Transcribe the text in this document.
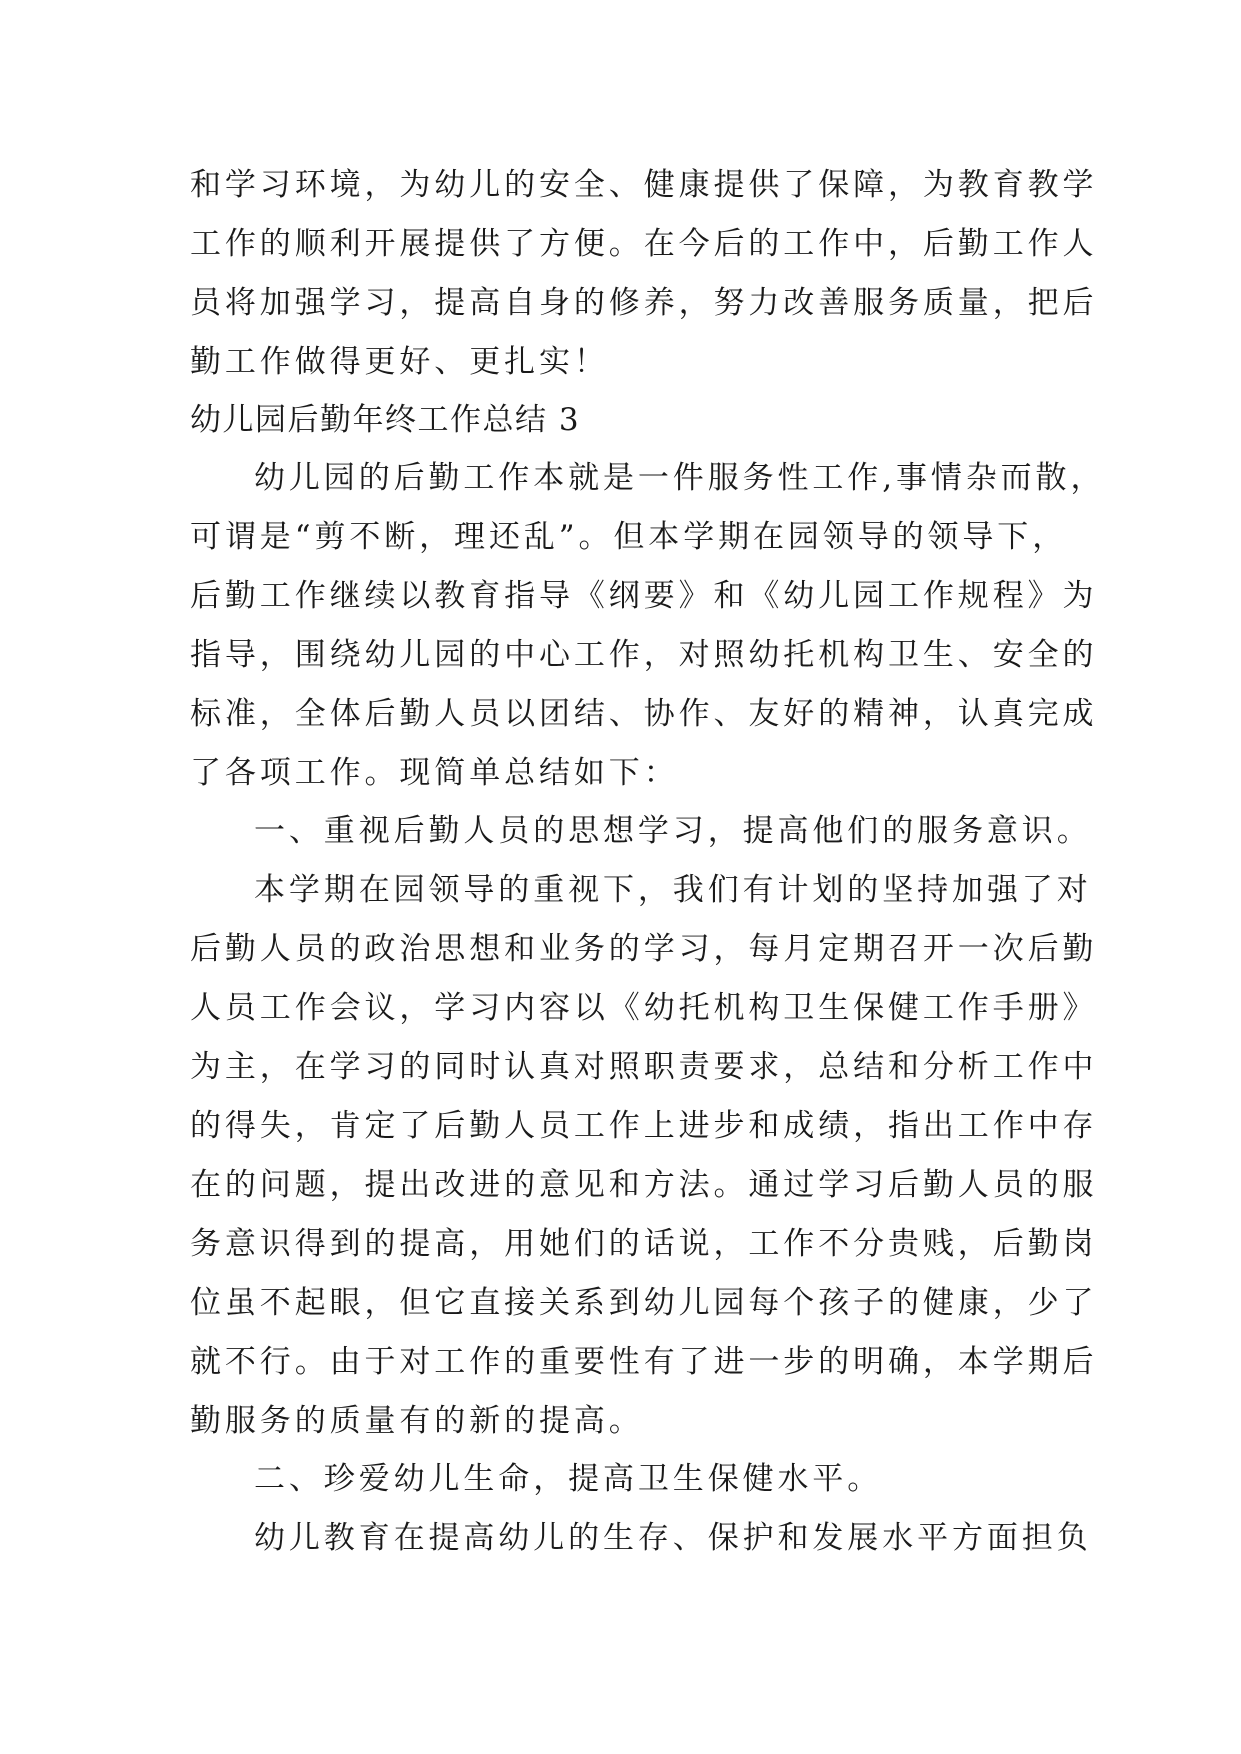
和学习环境，为幼儿的安全、健康提供了保障，为教育教学
工作的顺利开展提供了方便。在今后的工作中，后勤工作人
员将加强学习，提高自身的修养，努力改善服务质量，把后
勤工作做得更好、更扎实！
幼儿园后勤年终工作总结 3
幼儿园的后勤工作本就是一件服务性工作,事情杂而散，
可谓是“剪不断，理还乱”。但本学期在园领导的领导下，
后勤工作继续以教育指导《纲要》和《幼儿园工作规程》为
指导，围绕幼儿园的中心工作，对照幼托机构卫生、安全的
标准，全体后勤人员以团结、协作、友好的精神，认真完成
了各项工作。现简单总结如下：
一、重视后勤人员的思想学习，提高他们的服务意识。
本学期在园领导的重视下，我们有计划的坚持加强了对
后勤人员的政治思想和业务的学习，每月定期召开一次后勤
人员工作会议，学习内容以《幼托机构卫生保健工作手册》
为主，在学习的同时认真对照职责要求，总结和分析工作中
的得失，肯定了后勤人员工作上进步和成绩，指出工作中存
在的问题，提出改进的意见和方法。通过学习后勤人员的服
务意识得到的提高，用她们的话说，工作不分贵贱，后勤岗
位虽不起眼，但它直接关系到幼儿园每个孩子的健康，少了
就不行。由于对工作的重要性有了进一步的明确，本学期后
勤服务的质量有的新的提高。
二、珍爱幼儿生命，提高卫生保健水平。
幼儿教育在提高幼儿的生存、保护和发展水平方面担负
